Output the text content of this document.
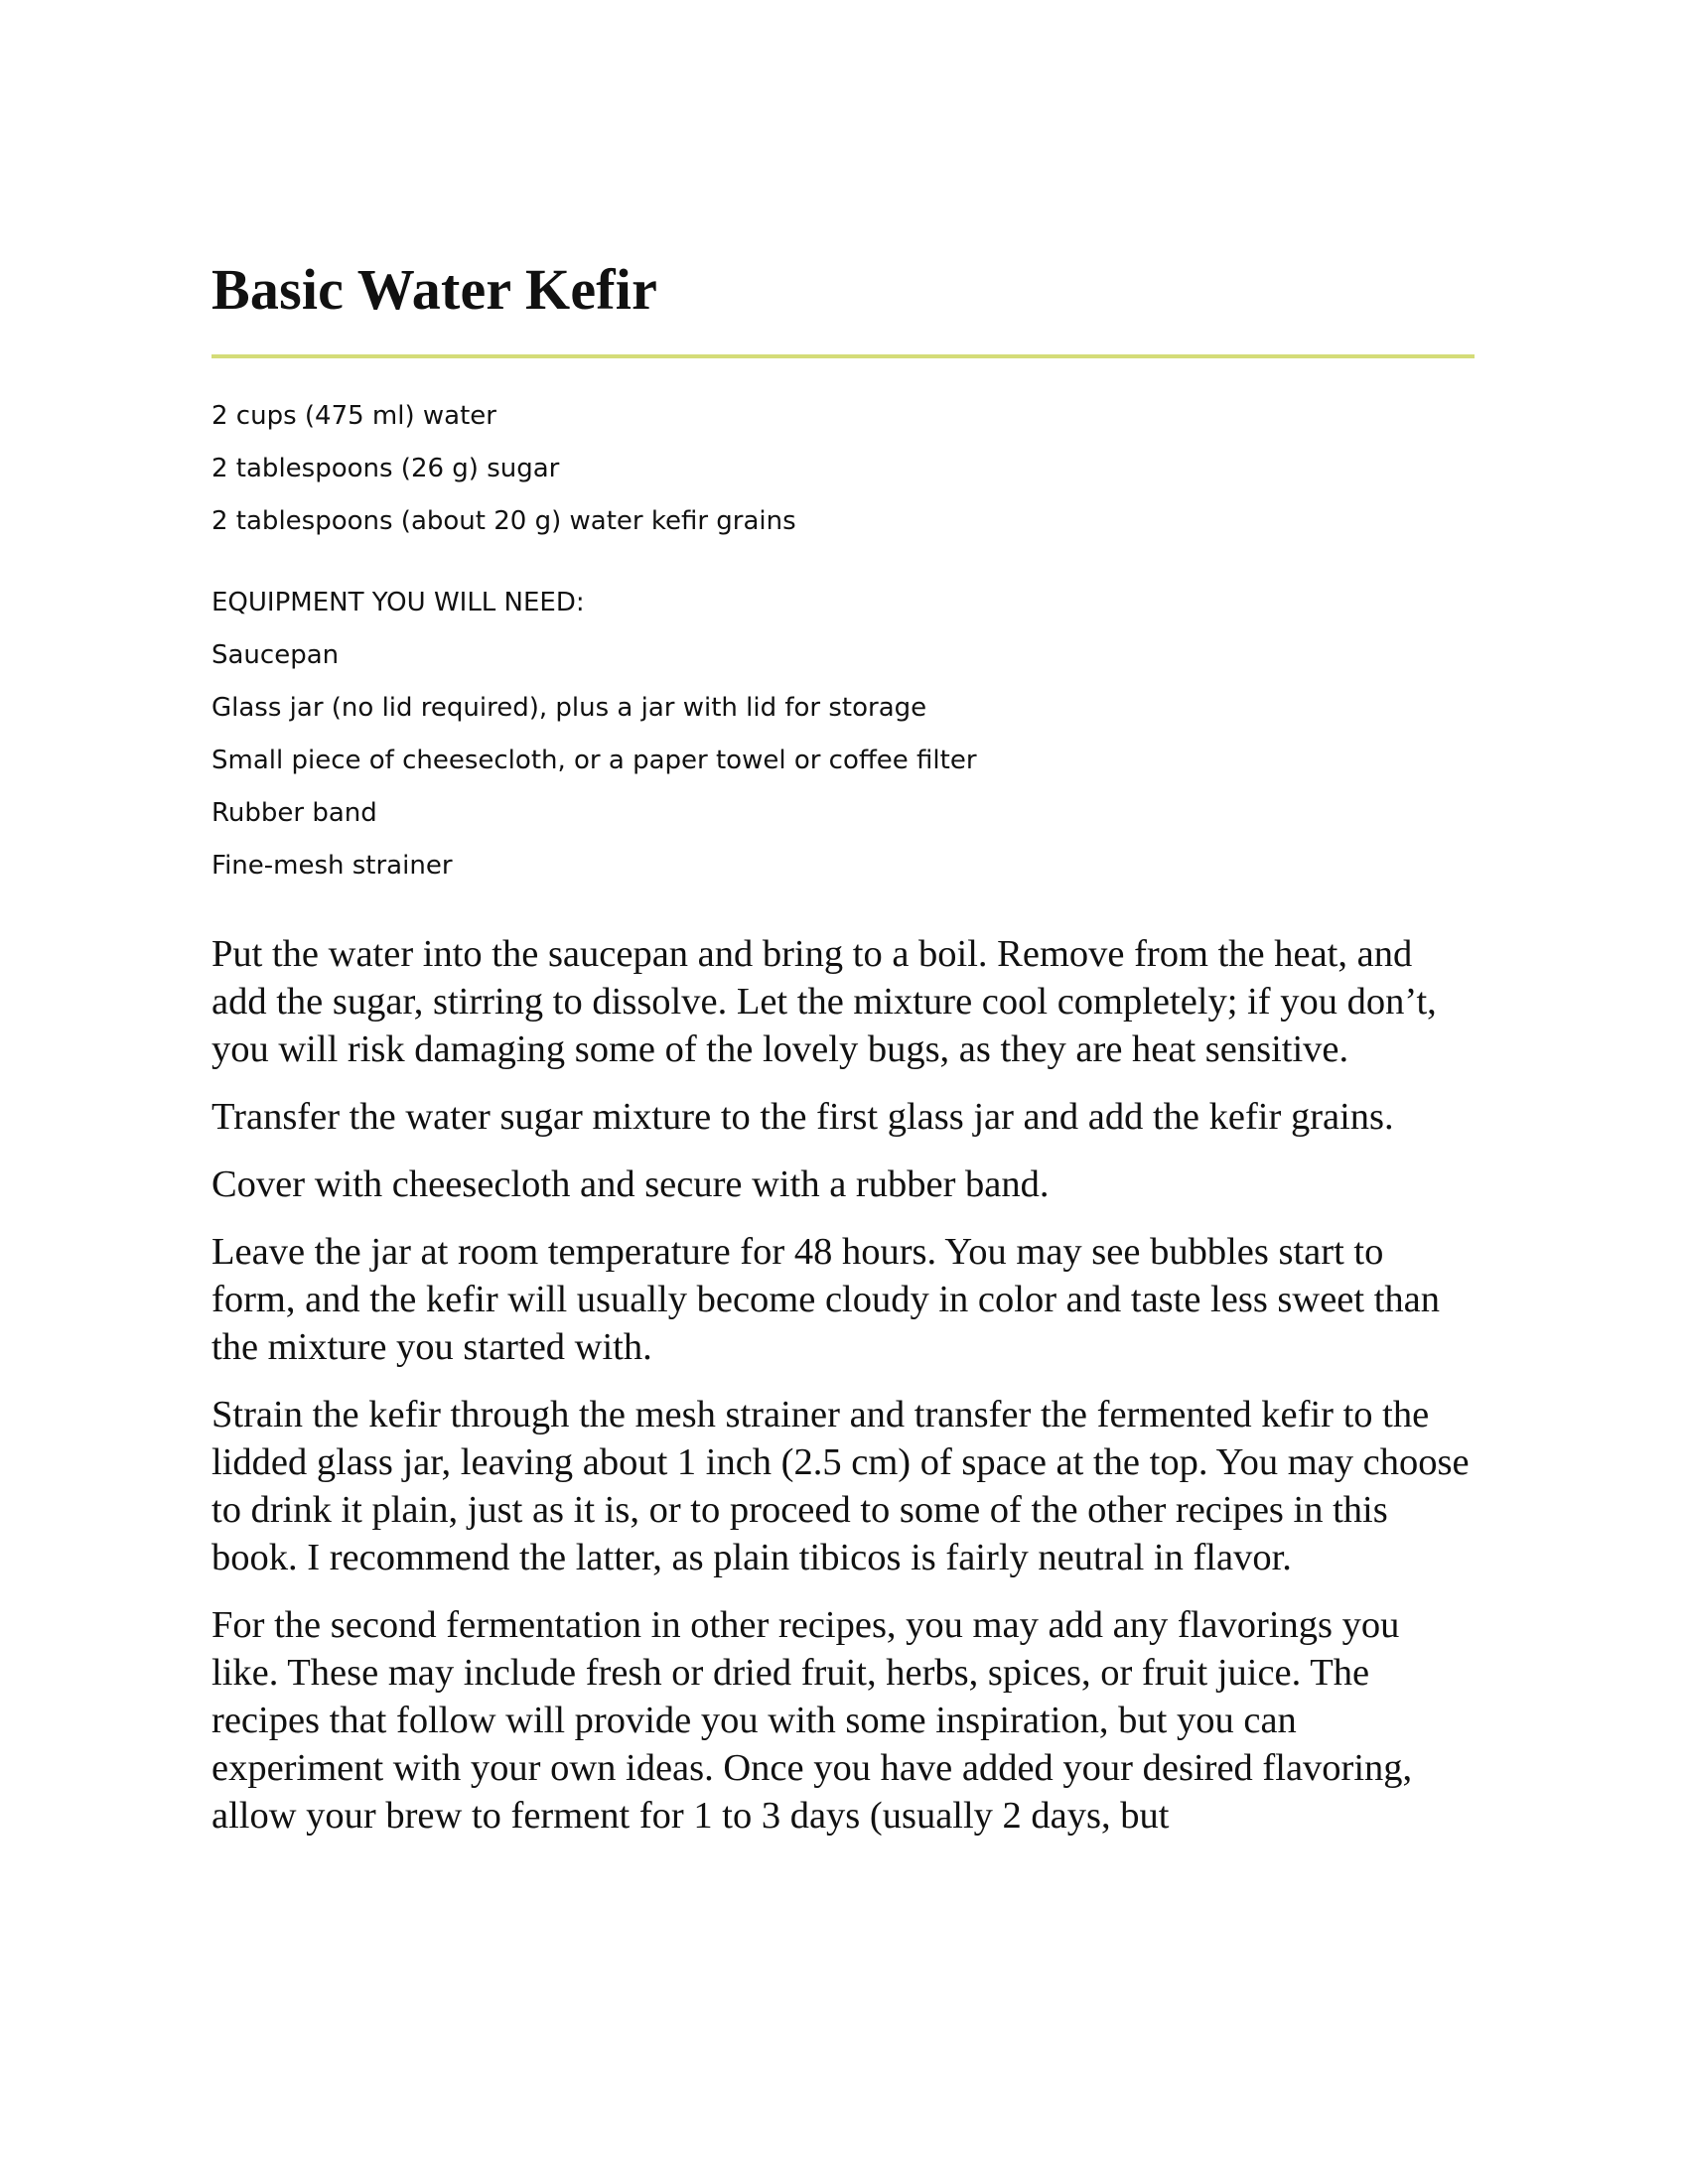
Basic Water Kefir
2 cups (475 ml) water
2 tablespoons (26 g) sugar
2 tablespoons (about 20 g) water kefir grains
EQUIPMENT YOU WILL NEED:
Saucepan
Glass jar (no lid required), plus a jar with lid for storage
Small piece of cheesecloth, or a paper towel or coffee filter
Rubber band
Fine-mesh strainer

Put the water into the saucepan and bring to a boil. Remove from the heat, and add the sugar, stirring to dissolve. Let the mixture cool completely; if you don’t, you will risk damaging some of the lovely bugs, as they are heat sensitive.

Transfer the water sugar mixture to the first glass jar and add the kefir grains.

Cover with cheesecloth and secure with a rubber band.

Leave the jar at room temperature for 48 hours. You may see bubbles start to form, and the kefir will usually become cloudy in color and taste less sweet than the mixture you started with.

Strain the kefir through the mesh strainer and transfer the fermented kefir to the lidded glass jar, leaving about 1 inch (2.5 cm) of space at the top. You may choose to drink it plain, just as it is, or to proceed to some of the other recipes in this book. I recommend the latter, as plain tibicos is fairly neutral in flavor.

For the second fermentation in other recipes, you may add any flavorings you like. These may include fresh or dried fruit, herbs, spices, or fruit juice. The recipes that follow will provide you with some inspiration, but you can experiment with your own ideas. Once you have added your desired flavoring, allow your brew to ferment for 1 to 3 days (usually 2 days, but
